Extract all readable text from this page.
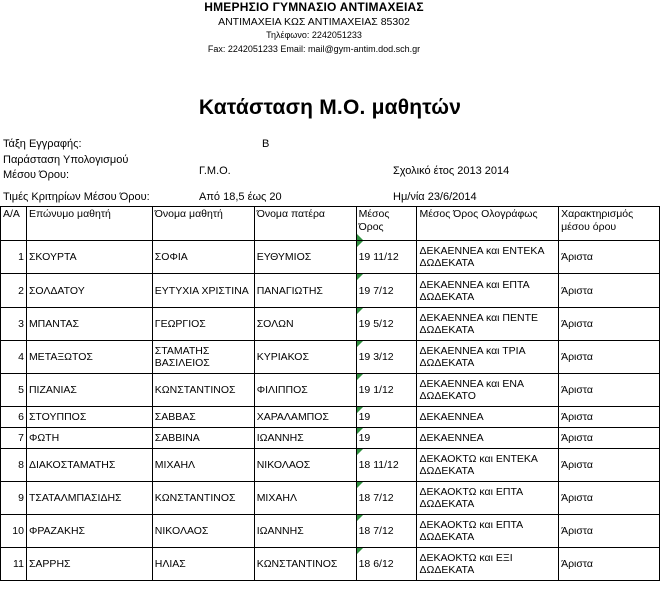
ΗΜΕΡΗΣΙΟ ΓΥΜΝΑΣΙΟ ΑΝΤΙΜΑΧΕΙΑΣ
ΑΝΤΙΜΑΧΕΙΑ ΚΩΣ ΑΝΤΙΜΑΧΕΙΑΣ 85302
Τηλέφωνο: 2242051233
Fax: 2242051233 Email: mail@gym-antim.dod.sch.gr
Κατάσταση Μ.Ο. μαθητών
Τάξη Εγγραφής:	Β
Παράσταση Υπολογισμού
Μέσου Όρου:	Γ.Μ.Ο.	Σχολικό έτος 2013 2014
Τιμές Κριτηρίων Μέσου Όρου:	Από 18,5 έως 20	Ημ/νία 23/6/2014
Α/Α	Επώνυμο μαθητή	Όνομα μαθητή	Όνομα πατέρα	Μέσος Όρος	Μέσος Όρος Ολογράφως	Χαρακτηρισμός μέσου όρου
1	ΣΚΟΥΡΤΑ	ΣΟΦΙΑ	ΕΥΘΥΜΙΟΣ	19 11/12	ΔΕΚΑΕΝΝΕΑ και ΕΝΤΕΚΑ ΔΩΔΕΚΑΤΑ	Άριστα
2	ΣΟΛΔΑΤΟΥ	ΕΥΤΥΧΙΑ ΧΡΙΣΤΙΝΑ	ΠΑΝΑΓΙΩΤΗΣ	19 7/12	ΔΕΚΑΕΝΝΕΑ και ΕΠΤΑ ΔΩΔΕΚΑΤΑ	Άριστα
3	ΜΠΑΝΤΑΣ	ΓΕΩΡΓΙΟΣ	ΣΟΛΩΝ	19 5/12	ΔΕΚΑΕΝΝΕΑ και ΠΕΝΤΕ ΔΩΔΕΚΑΤΑ	Άριστα
4	ΜΕΤΑΞΩΤΟΣ	ΣΤΑΜΑΤΗΣ ΒΑΣΙΛΕΙΟΣ	ΚΥΡΙΑΚΟΣ	19 3/12	ΔΕΚΑΕΝΝΕΑ και ΤΡΙΑ ΔΩΔΕΚΑΤΑ	Άριστα
5	ΠΙΖΑΝΙΑΣ	ΚΩΝΣΤΑΝΤΙΝΟΣ	ΦΙΛΙΠΠΟΣ	19 1/12	ΔΕΚΑΕΝΝΕΑ και ΕΝΑ ΔΩΔΕΚΑΤΟ	Άριστα
6	ΣΤΟΥΠΠΟΣ	ΣΑΒΒΑΣ	ΧΑΡΑΛΑΜΠΟΣ	19	ΔΕΚΑΕΝΝΕΑ	Άριστα
7	ΦΩΤΗ	ΣΑΒΒΙΝΑ	ΙΩΑΝΝΗΣ	19	ΔΕΚΑΕΝΝΕΑ	Άριστα
8	ΔΙΑΚΟΣΤΑΜΑΤΗΣ	ΜΙΧΑΗΛ	ΝΙΚΟΛΑΟΣ	18 11/12	ΔΕΚΑΟΚΤΩ και ΕΝΤΕΚΑ ΔΩΔΕΚΑΤΑ	Άριστα
9	ΤΣΑΤΑΛΜΠΑΣΙΔΗΣ	ΚΩΝΣΤΑΝΤΙΝΟΣ	ΜΙΧΑΗΛ	18 7/12	ΔΕΚΑΟΚΤΩ και ΕΠΤΑ ΔΩΔΕΚΑΤΑ	Άριστα
10	ΦΡΑΖΑΚΗΣ	ΝΙΚΟΛΑΟΣ	ΙΩΑΝΝΗΣ	18 7/12	ΔΕΚΑΟΚΤΩ και ΕΠΤΑ ΔΩΔΕΚΑΤΑ	Άριστα
11	ΣΑΡΡΗΣ	ΗΛΙΑΣ	ΚΩΝΣΤΑΝΤΙΝΟΣ	18 6/12	ΔΕΚΑΟΚΤΩ και ΕΞΙ ΔΩΔΕΚΑΤΑ	Άριστα
